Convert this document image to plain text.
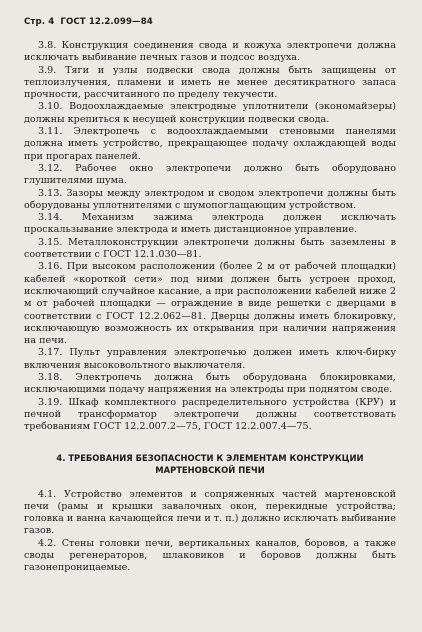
Стр. 4 ГОСТ 12.2.099—84

3.8. Конструкция соединения свода и кожуха электропечи должна исключать выбивание печных газов и подсос воздуха.

3.9. Тяги и узлы подвески свода должны быть защищены от теплоизлучения, пламени и иметь не менее десятикратного запаса прочности, рассчитанного по пределу текучести.

3.10. Водоохлаждаемые электродные уплотнители (экономайзеры) должны крепиться к несущей конструкции подвески свода.

3.11. Электропечь с водоохлаждаемыми стеновыми панелями должна иметь устройство, прекращающее подачу охлаждающей воды при прогарах панелей.

3.12. Рабочее окно электропечи должно быть оборудовано глушителями шума.

3.13. Зазоры между электродом и сводом электропечи должны быть оборудованы уплотнителями с шумопоглащающим устройством.

3.14. Механизм зажима электрода должен исключать проскальзывание электрода и иметь дистанционное управление.

3.15. Металлоконструкции электропечи должны быть заземлены в соответствии с ГОСТ 12.1.030—81.

3.16. При высоком расположении (более 2 м от рабочей площадки) кабелей «короткой сети» под ними должен быть устроен проход, исключающий случайное касание, а при расположении кабелей ниже 2 м от рабочей площадки — ограждение в виде решетки с дверцами в соответствии с ГОСТ 12.2.062—81. Дверцы должны иметь блокировку, исключающую возможность их открывания при наличии напряжения на печи.

3.17. Пульт управления электропечью должен иметь ключ-бирку включения высоковольтного выключателя.

3.18. Электропечь должна быть оборудована блокировками, исключающими подачу напряжения на электроды при поднятом своде.

3.19. Шкаф комплектного распределительного устройства (КРУ) и печной трансформатор электропечи должны соответствовать требованиям ГОСТ 12.2.007.2—75, ГОСТ 12.2.007.4—75.

4. ТРЕБОВАНИЯ БЕЗОПАСНОСТИ К ЭЛЕМЕНТАМ КОНСТРУКЦИИ
МАРТЕНОВСКОЙ ПЕЧИ

4.1. Устройство элементов и сопряженных частей мартеновской печи (рамы и крышки завалочных окон, перекидные устройства; головка и ванна качающейся печи и т. п.) должно исключать выбивание газов.

4.2. Стены головки печи, вертикальных каналов, боровов, а также своды регенераторов, шлаковиков и боровов должны быть газонепроницаемые.
